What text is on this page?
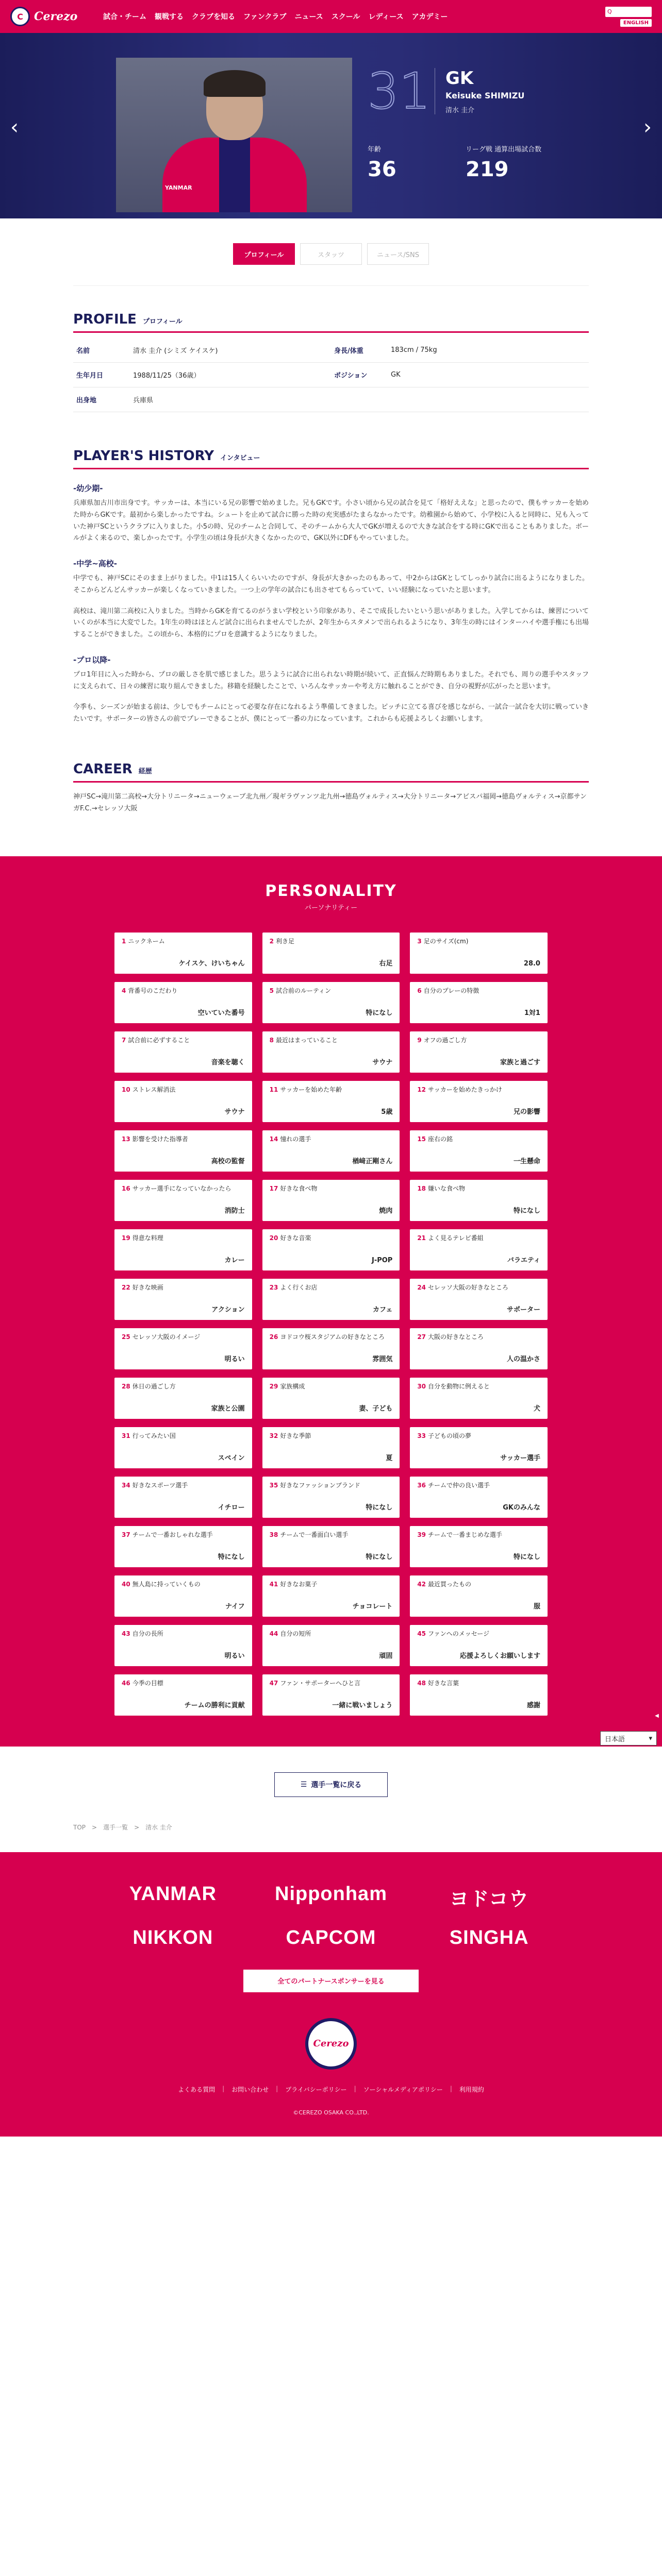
C Cerezo	試合・チーム 観戦する クラブを知る ファンクラブ ニュース スクール レディース アカデミー
Q
ENGLISH
‹
YANMAR
31 GK
Keisuke SHIMIZU
清水 圭介
年齢
36
リーグ戦 通算出場試合数
219
›
プロフィール	スタッツ	ニュース/SNS
PROFILE プロフィール
名前	清水 圭介 (シミズ ケイスケ)	身長/体重	183cm / 75kg
生年月日	1988/11/25（36歳）	ポジション	GK
出身地	兵庫県		
PLAYER'S HISTORY インタビュー
-幼少期-

兵庫県加古川市出身です。サッカーは、本当にいる兄の影響で始めました。兄もGKです。小さい頃から兄の試合を見て「格好ええな」と思ったので、僕もサッカーを始めた時からGKです。最初から楽しかったですね。シュートを止めて試合に勝った時の充実感がたまらなかったです。幼稚園から始めて、小学校に入ると同時に、兄も入っていた神戸SCというクラブに入りました。小5の時、兄のチームと合同して、そのチームから大人でGKが増えるので大きな試合をする時にGKで出ることもありました。ボールがよく来るので、楽しかったです。小学生の頃は身長が大きくなかったので、GK以外にDFもやっていました。

-中学~高校-

中学でも、神戸SCにそのまま上がりました。中1は15人くらいいたのですが、身長が大きかったのもあって、中2からはGKとしてしっかり試合に出るようになりました。そこからどんどんサッカーが楽しくなっていきました。一つ上の学年の試合にも出させてもらっていて、いい経験になっていたと思います。

高校は、滝川第二高校に入りました。当時からGKを育てるのがうまい学校という印象があり、そこで成長したいという思いがありました。入学してからは、練習についていくのが本当に大変でした。1年生の時はほとんど試合に出られませんでしたが、2年生からスタメンで出られるようになり、3年生の時にはインターハイや選手権にも出場することができました。この頃から、本格的にプロを意識するようになりました。

-プロ以降-

プロ1年目に入った時から、プロの厳しさを肌で感じました。思うように試合に出られない時期が続いて、正直悩んだ時期もありました。それでも、周りの選手やスタッフに支えられて、日々の練習に取り組んできました。移籍を経験したことで、いろんなサッカーや考え方に触れることができ、自分の視野が広がったと思います。

今季も、シーズンが始まる前は、少しでもチームにとって必要な存在になれるよう準備してきました。ピッチに立てる喜びを感じながら、一試合一試合を大切に戦っていきたいです。サポーターの皆さんの前でプレーできることが、僕にとって一番の力になっています。これからも応援よろしくお願いします。

CAREER 経歴

神戸SC→滝川第二高校→大分トリニータ→ニューウェーブ北九州／現ギラヴァンツ北九州→徳島ヴォルティス→大分トリニータ→アビスパ福岡→徳島ヴォルティス→京都サンガF.C.→セレッソ大阪

PERSONALITY
パーソナリティー
1 ニックネーム
ケイスケ、けいちゃん
2 利き足
右足
3 足のサイズ(cm)
28.0
4 背番号のこだわり
空いていた番号
5 試合前のルーティン
特になし
6 自分のプレーの特徴
1対1
7 試合前に必ずすること
音楽を聴く
8 最近はまっていること
サウナ
9 オフの過ごし方
家族と過ごす
10 ストレス解消法
サウナ
11 サッカーを始めた年齢
5歳
12 サッカーを始めたきっかけ
兄の影響
13 影響を受けた指導者
高校の監督
14 憧れの選手
楢﨑正剛さん
15 座右の銘
一生懸命
16 サッカー選手になっていなかったら
消防士
17 好きな食べ物
焼肉
18 嫌いな食べ物
特になし
19 得意な料理
カレー
20 好きな音楽
J-POP
21 よく見るテレビ番組
バラエティ
22 好きな映画
アクション
23 よく行くお店
カフェ
24 セレッソ大阪の好きなところ
サポーター
25 セレッソ大阪のイメージ
明るい
26 ヨドコウ桜スタジアムの好きなところ
雰囲気
27 大阪の好きなところ
人の温かさ
28 休日の過ごし方
家族と公園
29 家族構成
妻、子ども
30 自分を動物に例えると
犬
31 行ってみたい国
スペイン
32 好きな季節
夏
33 子どもの頃の夢
サッカー選手
34 好きなスポーツ選手
イチロー
35 好きなファッションブランド
特になし
36 チームで仲の良い選手
GKのみんな
37 チームで一番おしゃれな選手
特になし
38 チームで一番面白い選手
特になし
39 チームで一番まじめな選手
特になし
40 無人島に持っていくもの
ナイフ
41 好きなお菓子
チョコレート
42 最近買ったもの
服
43 自分の長所
明るい
44 自分の短所
頑固
45 ファンへのメッセージ
応援よろしくお願いします
46 今季の目標
チームの勝利に貢献
47 ファン・サポーターへひと言
一緒に戦いましょう
48 好きな言葉
感謝
☰ 選手一覧に戻る
TOP　>　選手一覧　>　清水 圭介
YANMAR	Nipponham	ヨドコウ
NIKKON	CAPCOM	SINGHA
全てのパートナースポンサーを見る
Cerezo
よくある質問 | お問い合わせ | プライバシーポリシー | ソーシャルメディアポリシー | 利用規約
©CEREZO OSAKA CO.,LTD.
◀
日本語	▾
